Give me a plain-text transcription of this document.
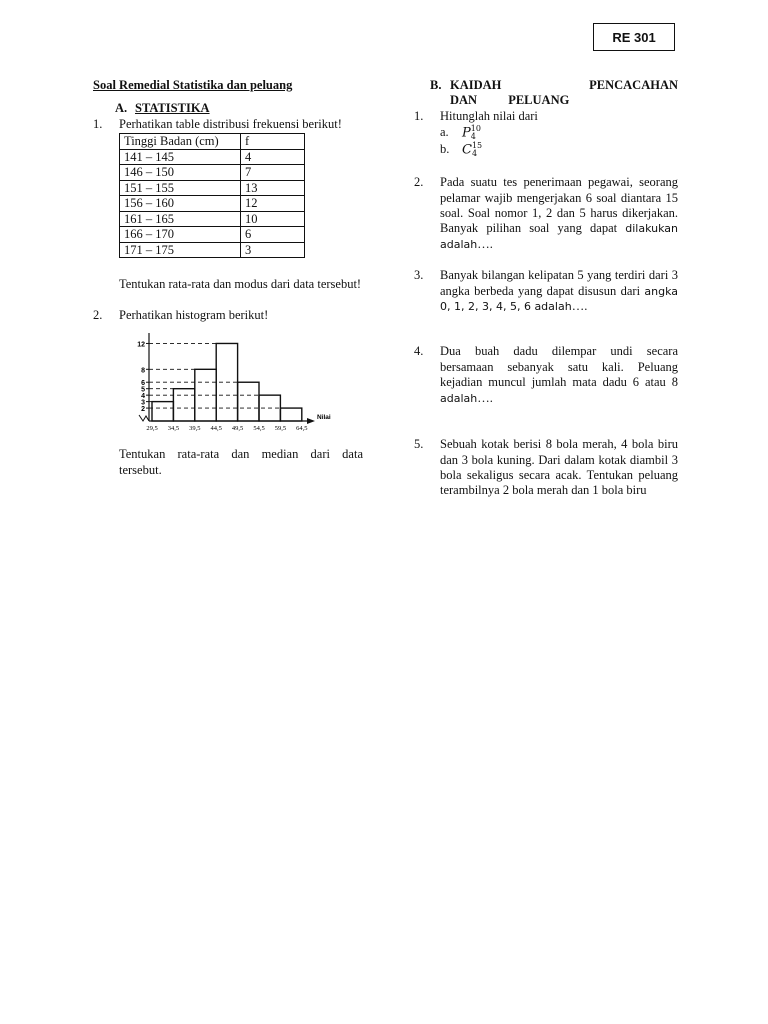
RE 301
Soal Remedial Statistika dan peluang
A. STATISTIKA
1.	Perhatikan table distribusi frekuensi berikut!
Tinggi Badan (cm)	f
141 – 145	4
146 – 150	7
151 – 155	13
156 – 160	12
161 – 165	10
166 – 170	6
171 – 175	3
Tentukan rata-rata dan modus dari data tersebut!
2.	Perhatikan histogram berikut!
2
3
4
5
6
8
12
29,5 34,5 39,5 44,5 49,5 54,5 59,5 64,5
Nilai
Tentukan rata-rata dan median dari data tersebut.
B. KAIDAH PENCACAHAN DAN PELUANG
1.	Hitunglah nilai dari
a.	P 10
4
b. C 15
4
2.	Pada suatu tes penerimaan pegawai, seorang pelamar wajib mengerjakan 6 soal diantara 15 soal. Soal nomor 1, 2 dan 5 harus dikerjakan. Banyak pilihan soal yang dapat dilakukan adalah….
3.	Banyak bilangan kelipatan 5 yang terdiri dari 3 angka berbeda yang dapat disusun dari angka 0, 1, 2, 3, 4, 5, 6 adalah….
4.	Dua buah dadu dilempar undi secara bersamaan sebanyak satu kali. Peluang kejadian muncul jumlah mata dadu 6 atau 8 adalah….
5.	Sebuah kotak berisi 8 bola merah, 4 bola biru dan 3 bola kuning. Dari dalam kotak diambil 3 bola sekaligus secara acak. Tentukan peluang terambilnya 2 bola merah dan 1 bola biru
